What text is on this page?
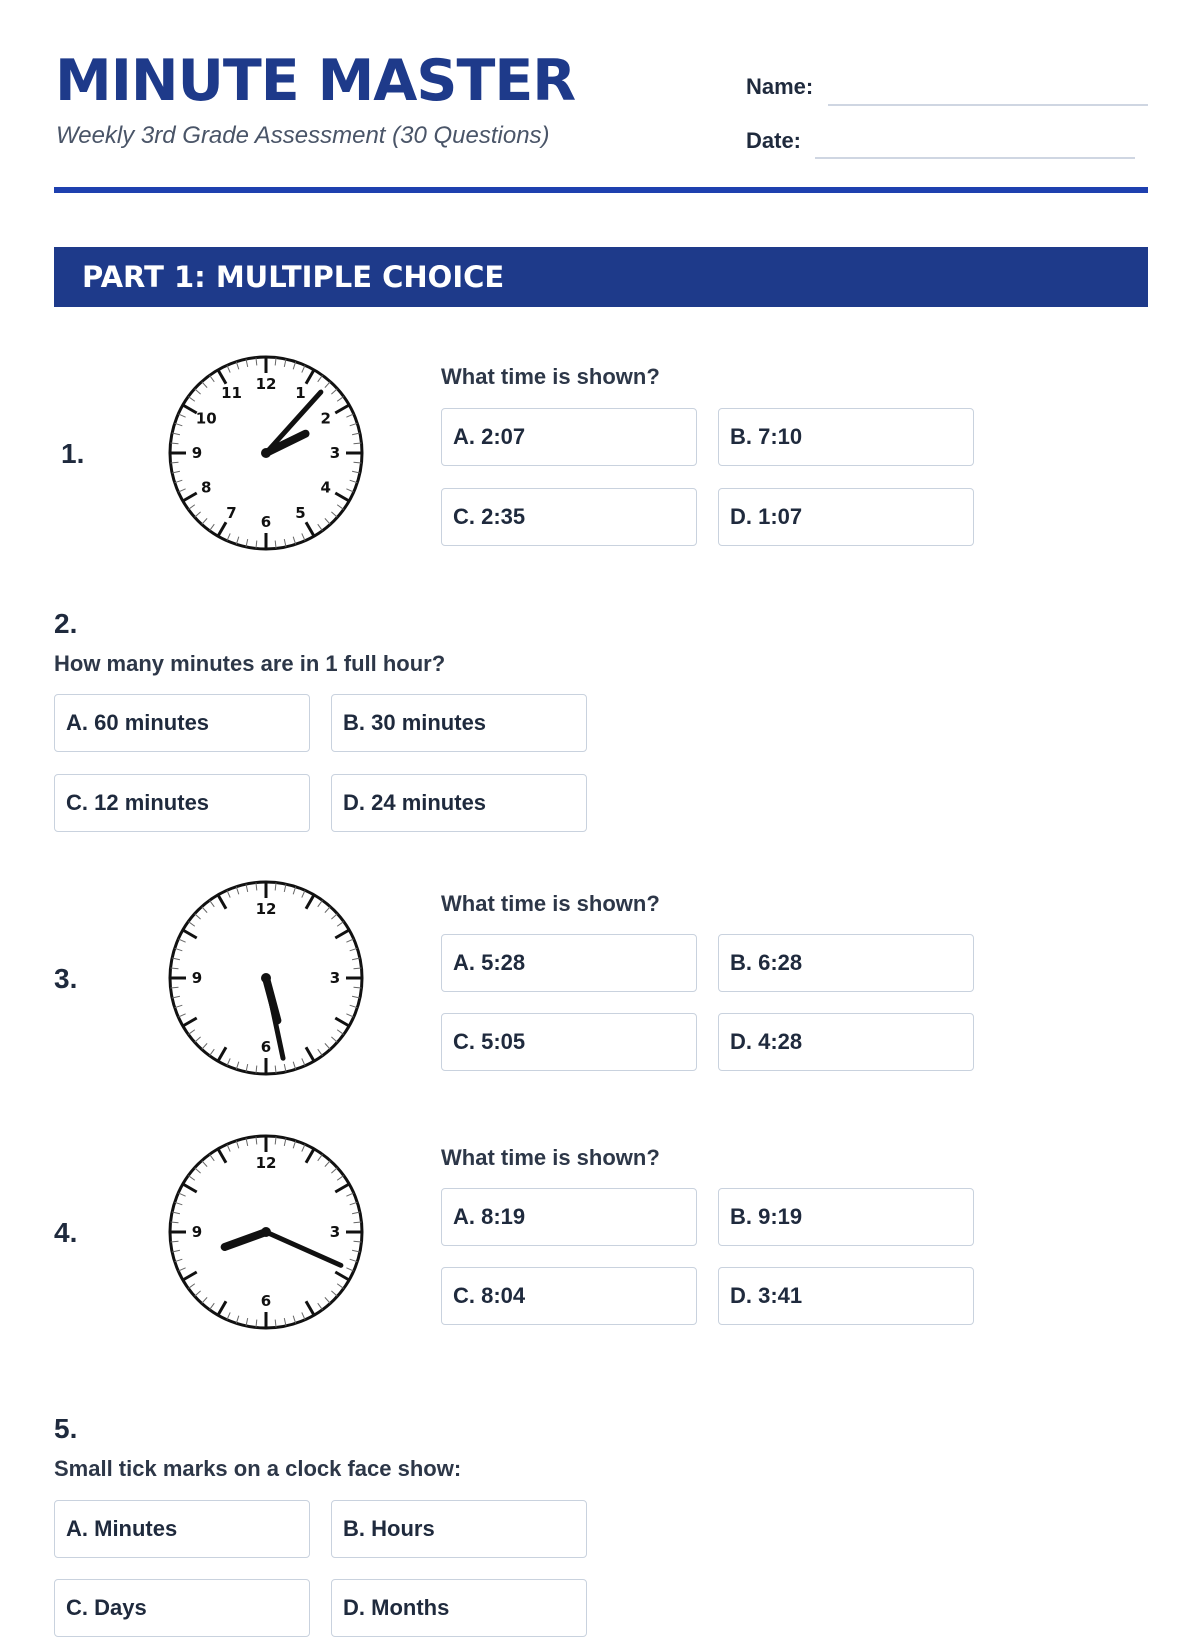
MINUTE MASTER
Weekly 3rd Grade Assessment (30 Questions)
Name:
Date:
PART 1: MULTIPLE CHOICE
1.
12
1
2
3
4
5
6
7
8
9
10
11
What time is shown?
A. 2:07	B. 7:10
C. 2:35	D. 1:07
2.
How many minutes are in 1 full hour?
A. 60 minutes	B. 30 minutes
C. 12 minutes	D. 24 minutes
3.
12
3
6
9
What time is shown?
A. 5:28	B. 6:28
C. 5:05	D. 4:28
4.
12
3
6
9
What time is shown?
A. 8:19	B. 9:19
C. 8:04	D. 3:41
5.
Small tick marks on a clock face show:
A. Minutes	B. Hours
C. Days	D. Months
